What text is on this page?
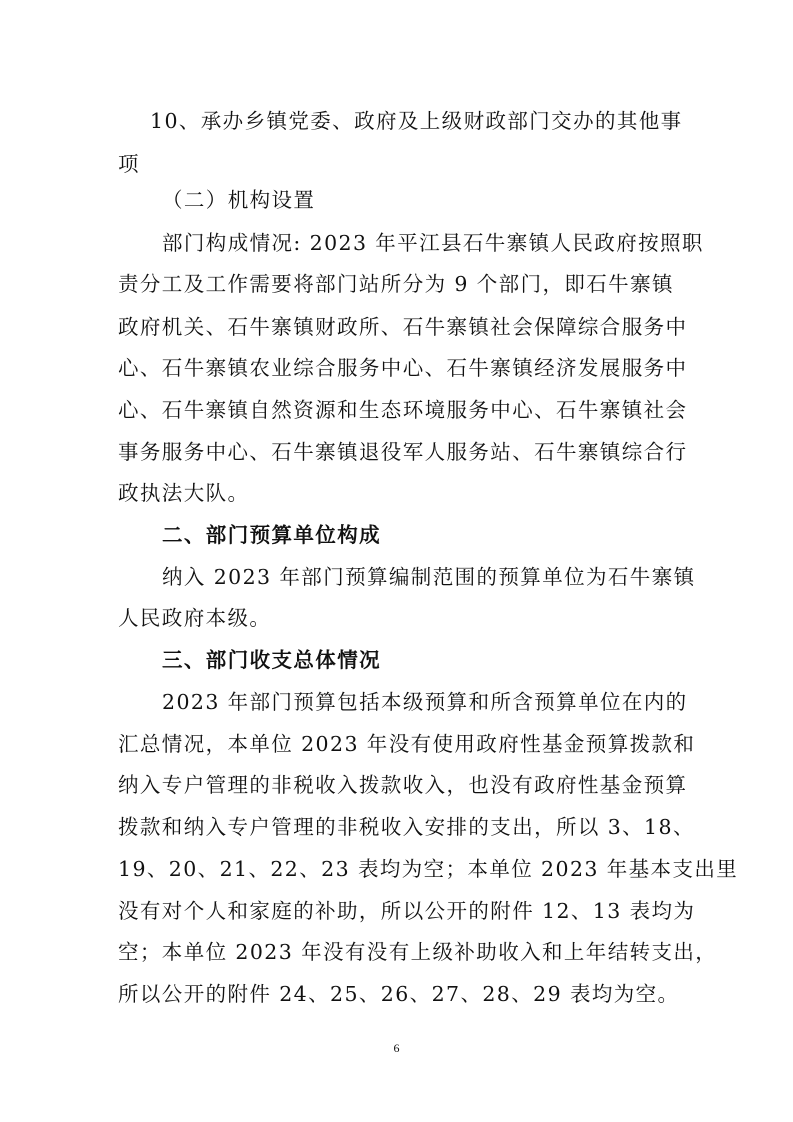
10、承办乡镇党委、政府及上级财政部门交办的其他事
项
（二）机构设置
部门构成情况: 2023 年平江县石牛寨镇人民政府按照职
责分工及工作需要将部门站所分为 9 个部门，即石牛寨镇
政府机关、石牛寨镇财政所、石牛寨镇社会保障综合服务中
心、石牛寨镇农业综合服务中心、石牛寨镇经济发展服务中
心、石牛寨镇自然资源和生态环境服务中心、石牛寨镇社会
事务服务中心、石牛寨镇退役军人服务站、石牛寨镇综合行
政执法大队。
二、部门预算单位构成
纳入 2023 年部门预算编制范围的预算单位为石牛寨镇
人民政府本级。
三、部门收支总体情况
2023 年部门预算包括本级预算和所含预算单位在内的
汇总情况，本单位 2023 年没有使用政府性基金预算拨款和
纳入专户管理的非税收入拨款收入，也没有政府性基金预算
拨款和纳入专户管理的非税收入安排的支出，所以 3、18、
19、20、21、22、23 表均为空；本单位 2023 年基本支出里
没有对个人和家庭的补助，所以公开的附件 12、13 表均为
空；本单位 2023 年没有没有上级补助收入和上年结转支出，
所以公开的附件 24、25、26、27、28、29 表均为空。
6
